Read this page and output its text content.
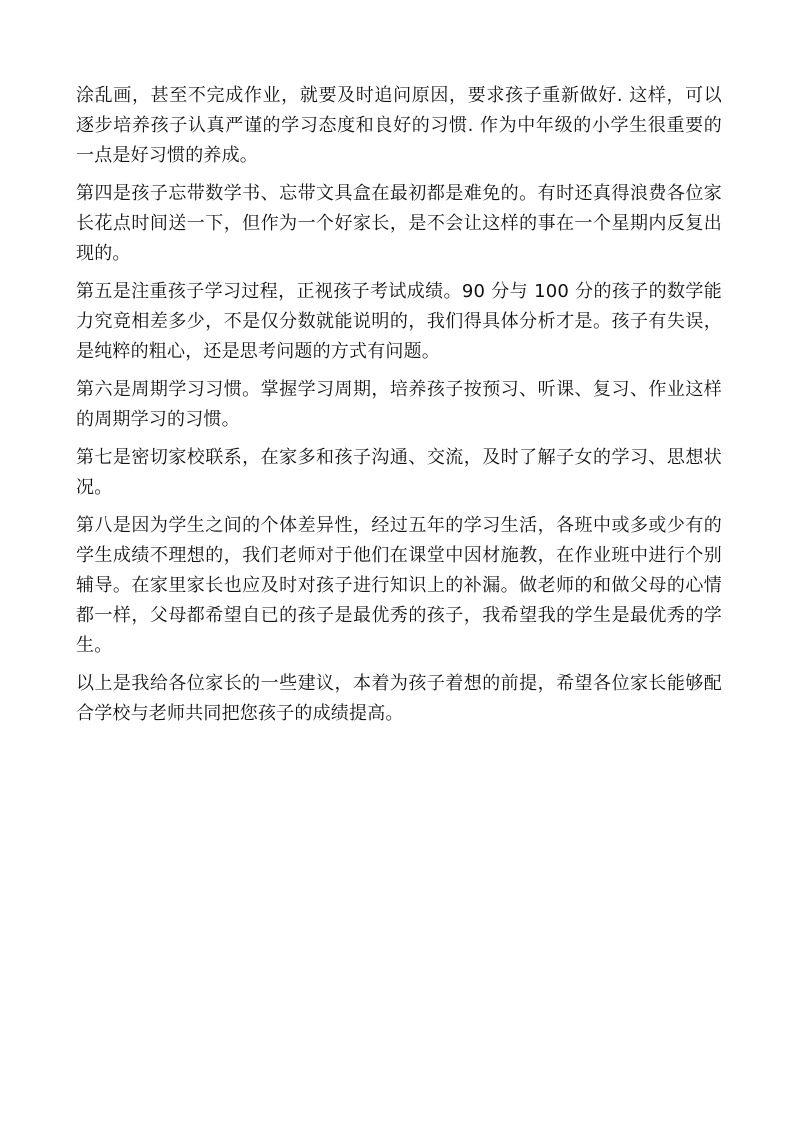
涂乱画，甚至不完成作业，就要及时追问原因，要求孩子重新做好. 这样，可以逐步培养孩子认真严谨的学习态度和良好的习惯. 作为中年级的小学生很重要的一点是好习惯的养成。

第四是孩子忘带数学书、忘带文具盒在最初都是难免的。有时还真得浪费各位家长花点时间送一下，但作为一个好家长，是不会让这样的事在一个星期内反复出现的。

第五是注重孩子学习过程，正视孩子考试成绩。90 分与 100 分的孩子的数学能力究竟相差多少，不是仅分数就能说明的，我们得具体分析才是。孩子有失误，是纯粹的粗心，还是思考问题的方式有问题。

第六是周期学习习惯。掌握学习周期，培养孩子按预习、听课、复习、作业这样的周期学习的习惯。

第七是密切家校联系，在家多和孩子沟通、交流，及时了解子女的学习、思想状况。

第八是因为学生之间的个体差异性，经过五年的学习生活，各班中或多或少有的学生成绩不理想的，我们老师对于他们在课堂中因材施教，在作业班中进行个别辅导。在家里家长也应及时对孩子进行知识上的补漏。做老师的和做父母的心情都一样，父母都希望自已的孩子是最优秀的孩子，我希望我的学生是最优秀的学生。

以上是我给各位家长的一些建议，本着为孩子着想的前提，希望各位家长能够配合学校与老师共同把您孩子的成绩提高。
